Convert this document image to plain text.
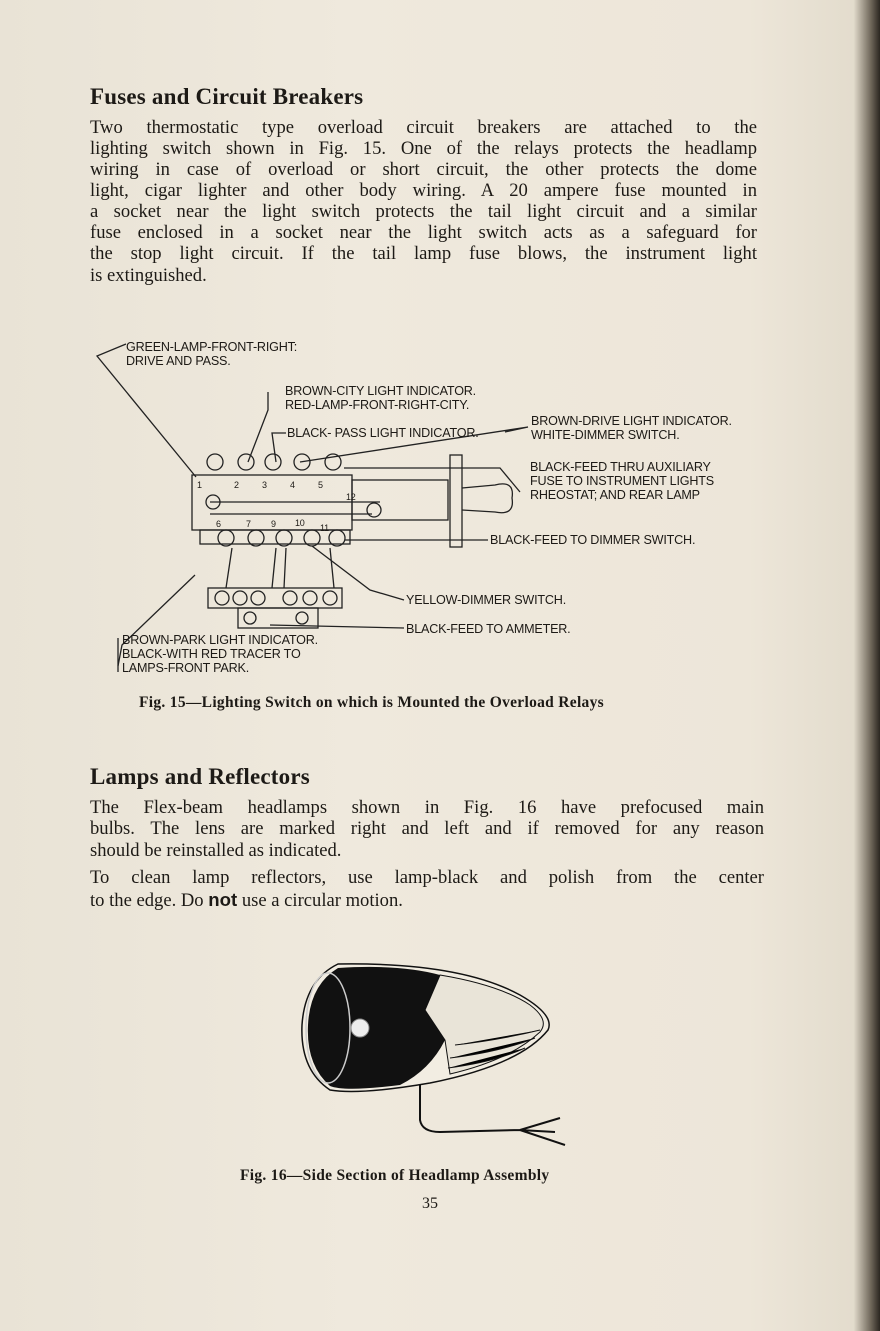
Fuses and Circuit Breakers
Two thermostatic type overload circuit breakers are attached to the
lighting switch shown in Fig. 15. One of the relays protects the headlamp
wiring in case of overload or short circuit, the other protects the dome
light, cigar lighter and other body wiring. A 20 ampere fuse mounted in
a socket near the light switch protects the tail light circuit and a similar
fuse enclosed in a socket near the light switch acts as a safeguard for
the stop light circuit. If the tail lamp fuse blows, the instrument light
is extinguished.
1	2	3	4	5
6	7 9 10 11
12
GREEN-LAMP-FRONT-RIGHT:
DRIVE AND PASS.
BROWN-CITY LIGHT INDICATOR.
RED-LAMP-FRONT-RIGHT-CITY.
BLACK- PASS LIGHT INDICATOR.
BROWN-DRIVE LIGHT INDICATOR.
WHITE-DIMMER SWITCH.
BLACK-FEED THRU AUXILIARY
FUSE TO INSTRUMENT LIGHTS
RHEOSTAT; AND REAR LAMP
BLACK-FEED TO DIMMER SWITCH.
YELLOW-DIMMER SWITCH.
BLACK-FEED TO AMMETER.
BROWN-PARK LIGHT INDICATOR.
BLACK-WITH RED TRACER TO
LAMPS-FRONT PARK.
Fig. 15—Lighting Switch on which is Mounted the Overload Relays
Lamps and Reflectors
The Flex-beam headlamps shown in Fig. 16 have prefocused main
bulbs. The lens are marked right and left and if removed for any reason
should be reinstalled as indicated.
To clean lamp reflectors, use lamp-black and polish from the center
to the edge. Do not use a circular motion.
Fig. 16—Side Section of Headlamp Assembly
35
